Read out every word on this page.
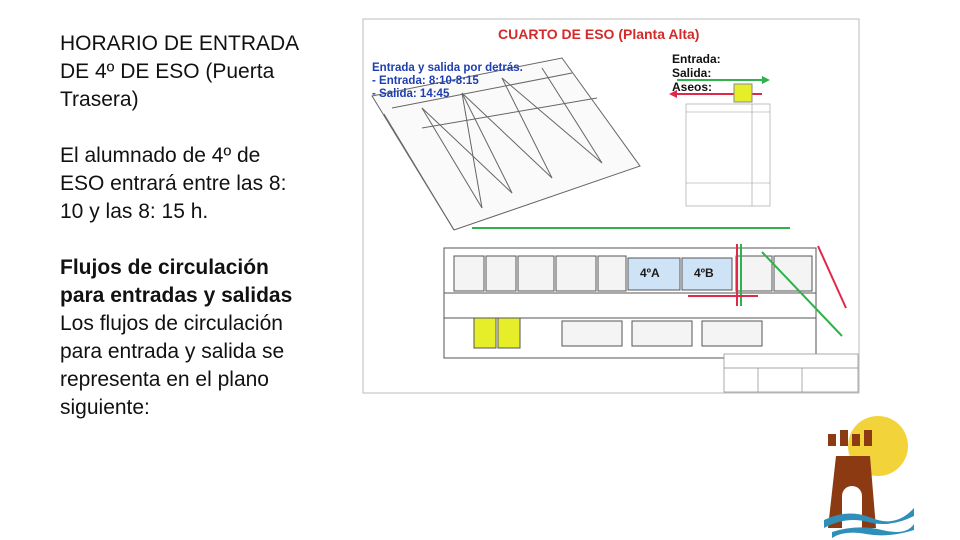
HORARIO DE ENTRADA DE 4º DE ESO (Puerta Trasera)

El alumnado de 4º de ESO entrará entre las 8: 10 y las 8: 15 h.

Flujos de circulación para entradas y salidas

Los flujos de circulación para entrada y salida se representa en el plano siguiente:

CUARTO DE ESO (Planta Alta)
Entrada y salida por detrás.
- Entrada: 8:10-8:15
- Salida: 14:45
Entrada:
Salida:
Aseos:
4ºA	4ºB
